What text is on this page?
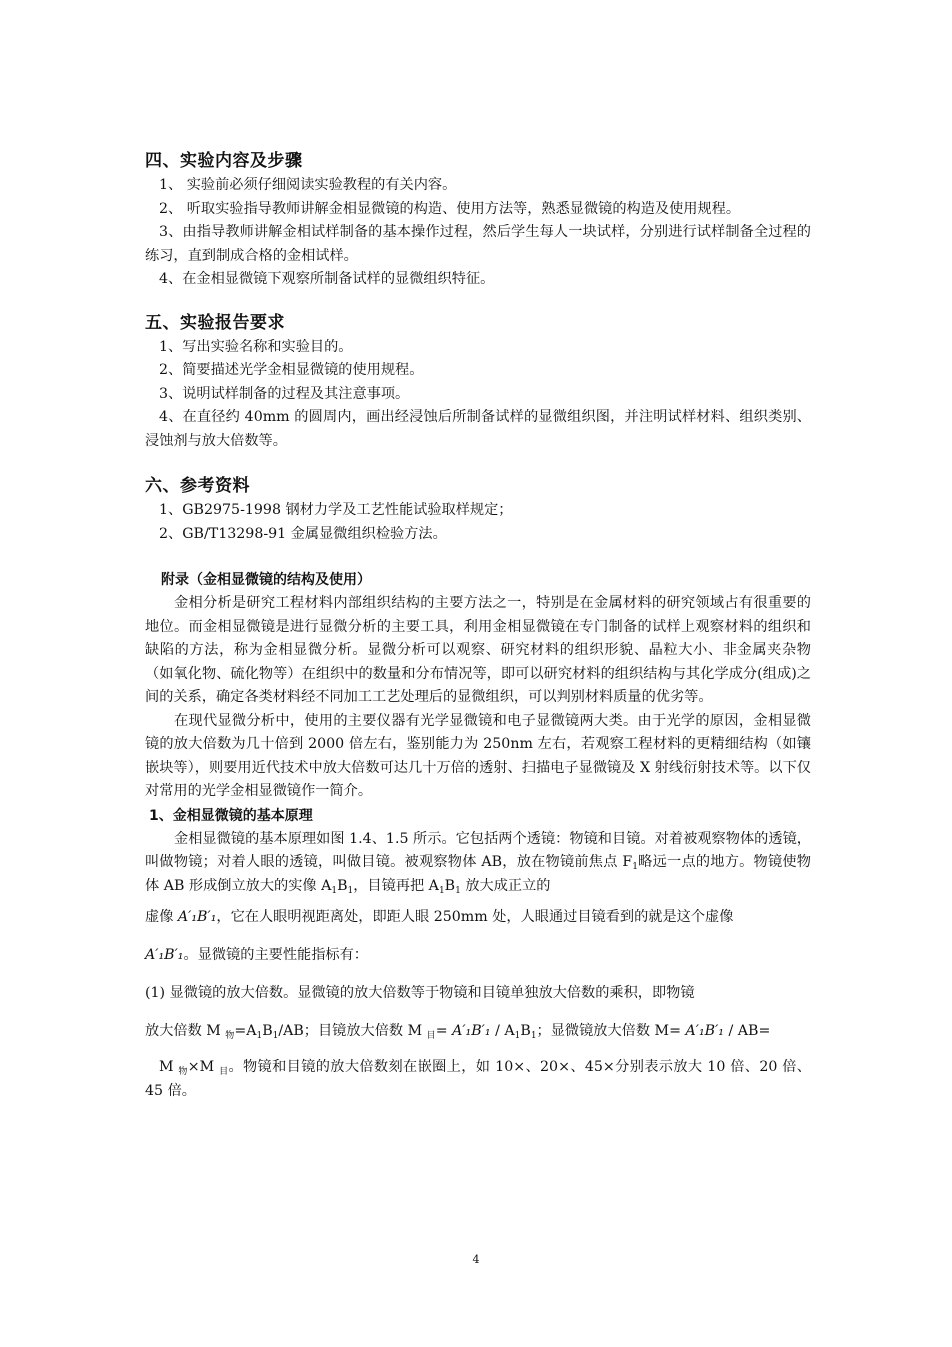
四、实验内容及步骤

1、 实验前必须仔细阅读实验教程的有关内容。

2、 听取实验指导教师讲解金相显微镜的构造、使用方法等，熟悉显微镜的构造及使用规程。

3、由指导教师讲解金相试样制备的基本操作过程，然后学生每人一块试样，分别进行试样制备全过程的练习，直到制成合格的金相试样。

4、在金相显微镜下观察所制备试样的显微组织特征。

五、实验报告要求

1、写出实验名称和实验目的。

2、简要描述光学金相显微镜的使用规程。

3、说明试样制备的过程及其注意事项。

4、在直径约 40mm 的圆周内，画出经浸蚀后所制备试样的显微组织图，并注明试样材料、组织类别、浸蚀剂与放大倍数等。

六、参考资料

1、GB2975-1998 钢材力学及工艺性能试验取样规定；

2、GB/T13298-91 金属显微组织检验方法。

附录（金相显微镜的结构及使用）

金相分析是研究工程材料内部组织结构的主要方法之一，特别是在金属材料的研究领域占有很重要的地位。而金相显微镜是进行显微分析的主要工具，利用金相显微镜在专门制备的试样上观察材料的组织和缺陷的方法，称为金相显微分析。显微分析可以观察、研究材料的组织形貌、晶粒大小、非金属夹杂物（如氧化物、硫化物等）在组织中的数量和分布情况等，即可以研究材料的组织结构与其化学成分(组成)之间的关系，确定各类材料经不同加工工艺处理后的显微组织，可以判别材料质量的优劣等。

在现代显微分析中，使用的主要仪器有光学显微镜和电子显微镜两大类。由于光学的原因，金相显微镜的放大倍数为几十倍到 2000 倍左右，鉴别能力为 250nm 左右，若观察工程材料的更精细结构（如镶嵌块等），则要用近代技术中放大倍数可达几十万倍的透射、扫描电子显微镜及 X 射线衍射技术等。以下仅对常用的光学金相显微镜作一简介。

1、金相显微镜的基本原理

金相显微镜的基本原理如图 1.4、1.5 所示。它包括两个透镜：物镜和目镜。对着被观察物体的透镜，叫做物镜；对着人眼的透镜，叫做目镜。被观察物体 AB，放在物镜前焦点 $F_1$略远一点的地方。物镜使物体 AB 形成倒立放大的实像 $A_1B_1$，目镜再把 $A_1B_1$ 放大成正立的

虚像 A′₁B′₁，它在人眼明视距离处，即距人眼 250mm 处，人眼通过目镜看到的就是这个虚像

A′₁B′₁。显微镜的主要性能指标有：

(1) 显微镜的放大倍数。显微镜的放大倍数等于物镜和目镜单独放大倍数的乘积，即物镜

放大倍数 M $_物=A_1B_1/AB$；目镜放大倍数 M $_目= A'_1B'_1 / A_1B_1$；显微镜放大倍数 M= A′₁B′₁ / AB=

M $_物$×M $_目$。物镜和目镜的放大倍数刻在嵌圈上，如 10×、20×、45×分别表示放大 10 倍、20 倍、45 倍。

4
